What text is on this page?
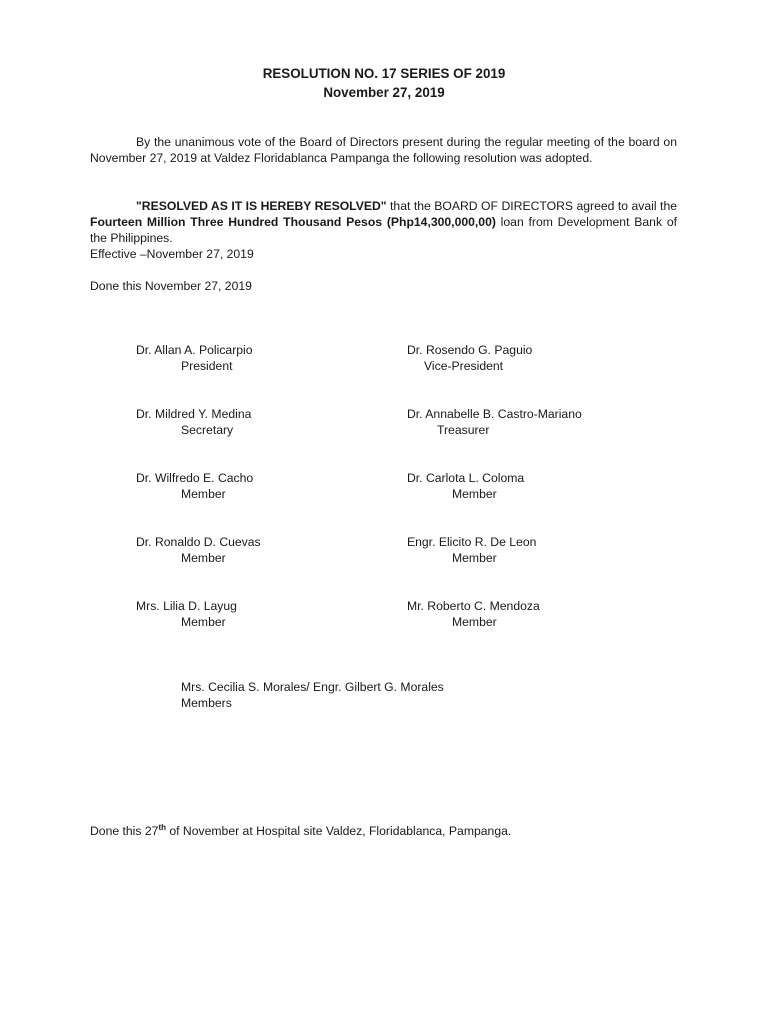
RESOLUTION NO. 17 SERIES OF 2019
November 27, 2019
By the unanimous vote of the Board of Directors present during the regular meeting of the board on November 27, 2019 at Valdez Floridablanca Pampanga the following resolution was adopted.
"RESOLVED AS IT IS HEREBY RESOLVED" that the BOARD OF DIRECTORS agreed to avail the Fourteen Million Three Hundred Thousand Pesos (Php14,300,000,00) loan from Development Bank of the Philippines.
Effective –November 27, 2019
Done this November 27, 2019
Dr. Allan A. Policarpio
President
Dr. Rosendo G. Paguio
Vice-President
Dr. Mildred Y. Medina
Secretary
Dr. Annabelle B. Castro-Mariano
Treasurer
Dr. Wilfredo E. Cacho
Member
Dr. Carlota L. Coloma
Member
Dr. Ronaldo D. Cuevas
Member
Engr. Elicito R. De Leon
Member
Mrs. Lilia D. Layug
Member
Mr. Roberto C. Mendoza
Member
Mrs. Cecilia S. Morales/ Engr. Gilbert G. Morales
Members
Done this 27th of November at Hospital site Valdez, Floridablanca, Pampanga.
